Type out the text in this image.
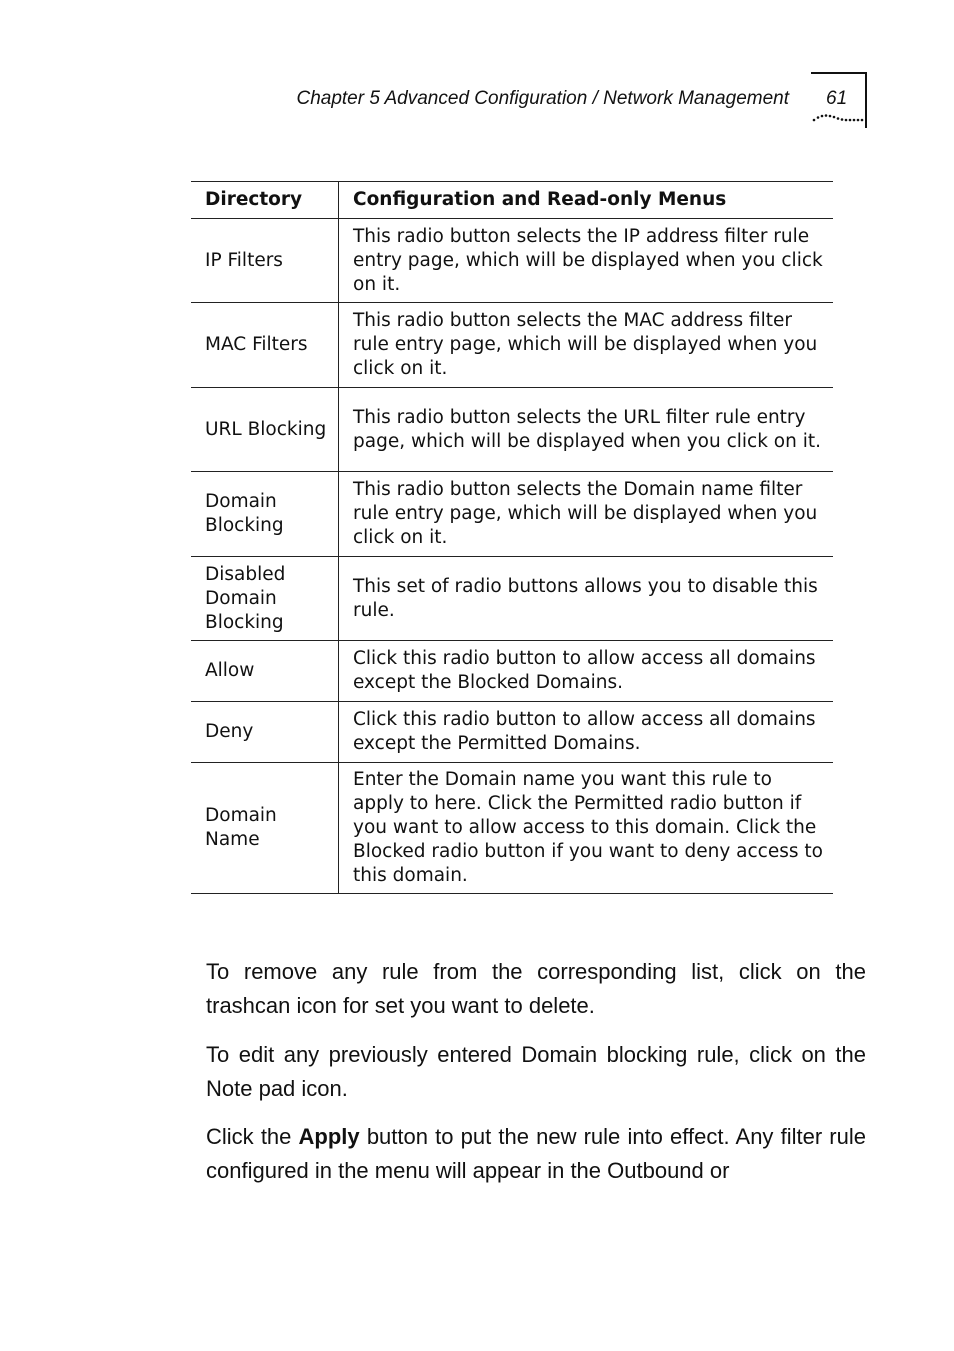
Chapter 5 Advanced Configuration / Network Management 61
Directory	Configuration and Read-only Menus
IP Filters	This radio button selects the IP address filter rule entry page, which will be displayed when you click on it.
MAC Filters	This radio button selects the MAC address filter rule entry page, which will be displayed when you click on it.
URL Blocking	This radio button selects the URL filter rule entry page, which will be displayed when you click on it.
Domain Blocking	This radio button selects the Domain name filter rule entry page, which will be displayed when you click on it.
Disabled Domain Blocking	This set of radio buttons allows you to disable this rule.
Allow	Click this radio button to allow access all domains except the Blocked Domains.
Deny	Click this radio button to allow access all domains except the Permitted Domains.
Domain Name	Enter the Domain name you want this rule to apply to here. Click the Permitted radio button if you want to allow access to this domain. Click the Blocked radio button if you want to deny access to this domain.

To remove any rule from the corresponding list, click on the trashcan icon for set you want to delete.

To edit any previously entered Domain blocking rule, click on the Note pad icon.

Click the Apply button to put the new rule into effect. Any filter rule configured in the menu will appear in the Outbound or
